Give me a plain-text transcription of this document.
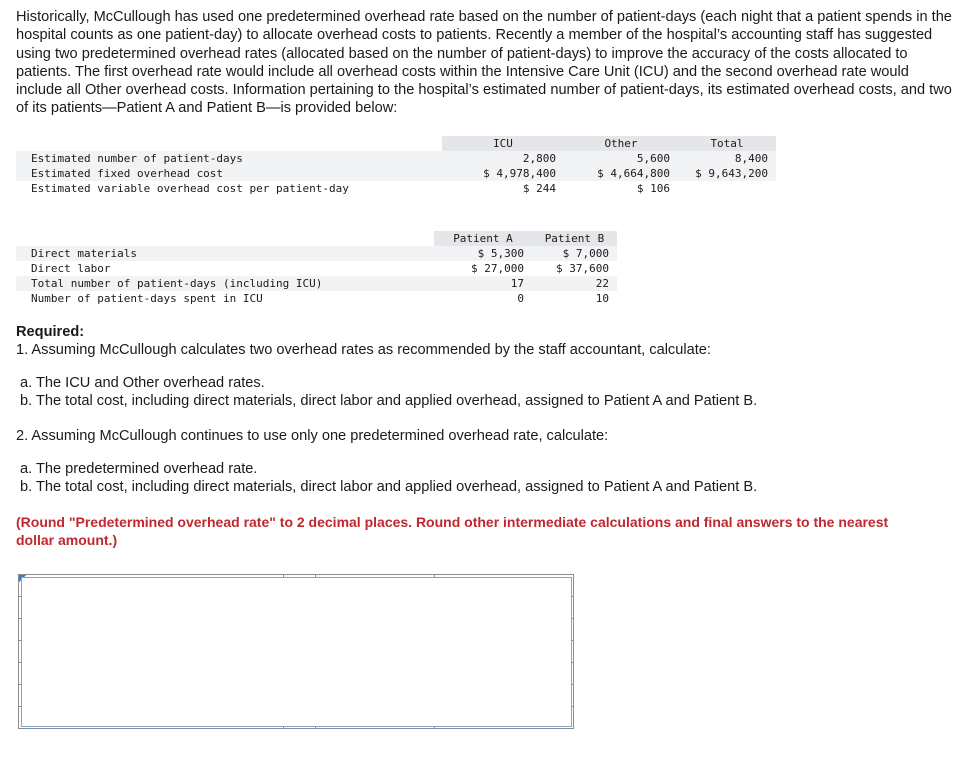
Historically, McCullough has used one predetermined overhead rate based on the number of patient-days (each night that a patient spends in the hospital counts as one patient-day) to allocate overhead costs to patients. Recently a member of the hospital’s accounting staff has suggested using two predetermined overhead rates (allocated based on the number of patient-days) to improve the accuracy of the costs allocated to patients. The first overhead rate would include all overhead costs within the Intensive Care Unit (ICU) and the second overhead rate would include all Other overhead costs. Information pertaining to the hospital’s estimated number of patient-days, its estimated overhead costs, and two of its patients—Patient A and Patient B—is provided below:

	ICU	Other	Total
Estimated number of patient-days	2,800	5,600	8,400
Estimated fixed overhead cost	$ 4,978,400	$ 4,664,800	$ 9,643,200
Estimated variable overhead cost per patient-day	$ 244	$ 106	
	Patient A	Patient B
Direct materials	$ 5,300	$ 7,000
Direct labor	$ 27,000	$ 37,600
Total number of patient-days (including ICU)	17	22
Number of patient-days spent in ICU	0	10

Required:

1. Assuming McCullough calculates two overhead rates as recommended by the staff accountant, calculate:

a. The ICU and Other overhead rates.

b. The total cost, including direct materials, direct labor and applied overhead, assigned to Patient A and Patient B.

2. Assuming McCullough continues to use only one predetermined overhead rate, calculate:

a. The predetermined overhead rate.

b. The total cost, including direct materials, direct labor and applied overhead, assigned to Patient A and Patient B.

(Round "Predetermined overhead rate" to 2 decimal places. Round other intermediate calculations and final answers to the nearest dollar amount.)
